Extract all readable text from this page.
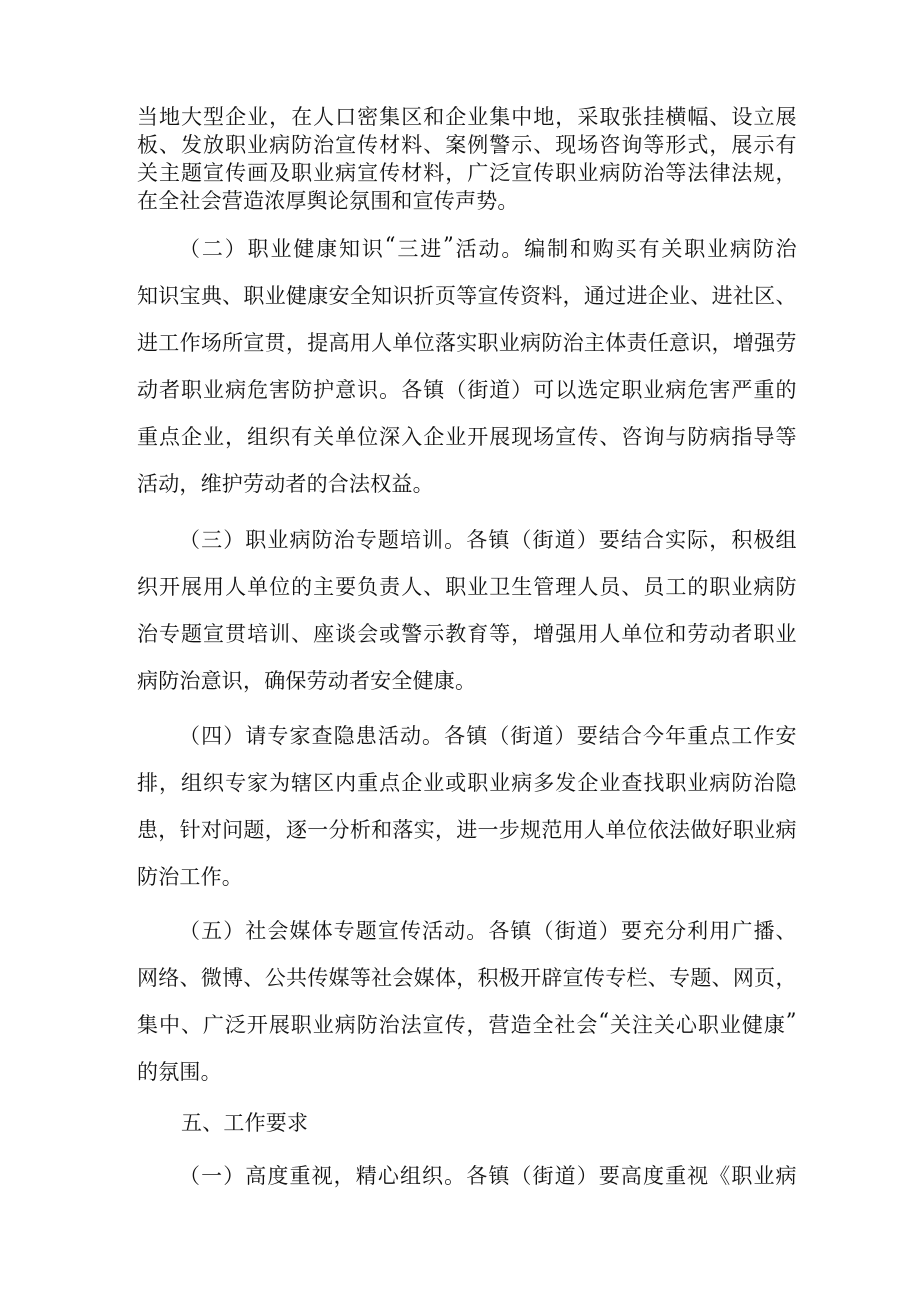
当 地 大 型 企 业 ， 在 人 口 密 集 区 和 企 业 集 中 地 ， 采 取 张 挂 横 幅 、 设 立 展
板 、 发 放 职 业 病 防 治 宣 传 材 料 、 案 例 警 示 、 现 场 咨 询 等 形 式 ， 展 示 有
关 主 题 宣 传 画 及 职 业 病 宣 传 材 料 ， 广 泛 宣 传 职 业 病 防 治 等 法 律 法 规 ，
在全社会营造浓厚舆论氛围和宣传声势。
（ 二 ） 职 业 健 康 知 识 “ 三 进 ” 活 动 。 编 制 和 购 买 有 关 职 业 病 防 治
知 识 宝 典 、 职 业 健 康 安 全 知 识 折 页 等 宣 传 资 料 ， 通 过 进 企 业 、 进 社 区 、
进 工 作 场 所 宣 贯 ， 提 高 用 人 单 位 落 实 职 业 病 防 治 主 体 责 任 意 识 ， 增 强 劳
动 者 职 业 病 危 害 防 护 意 识 。 各 镇 （ 街 道 ） 可 以 选 定 职 业 病 危 害 严 重 的
重 点 企 业 ， 组 织 有 关 单 位 深 入 企 业 开 展 现 场 宣 传 、 咨 询 与 防 病 指 导 等
活动，维护劳动者的合法权益。
（ 三 ） 职 业 病 防 治 专 题 培 训 。 各 镇 （ 街 道 ） 要 结 合 实 际 ， 积 极 组
织 开 展 用 人 单 位 的 主 要 负 责 人 、 职 业 卫 生 管 理 人 员 、 员 工 的 职 业 病 防
治 专 题 宣 贯 培 训 、 座 谈 会 或 警 示 教 育 等 ， 增 强 用 人 单 位 和 劳 动 者 职 业
病防治意识，确保劳动者安全健康。
（ 四 ） 请 专 家 查 隐 患 活 动 。 各 镇 （ 街 道 ） 要 结 合 今 年 重 点 工 作 安
排 ， 组 织 专 家 为 辖 区 内 重 点 企 业 或 职 业 病 多 发 企 业 查 找 职 业 病 防 治 隐
患 ， 针 对 问 题 ， 逐 一 分 析 和 落 实 ， 进 一 步 规 范 用 人 单 位 依 法 做 好 职 业 病
防治工作。
（ 五 ） 社 会 媒 体 专 题 宣 传 活 动 。 各 镇 （ 街 道 ） 要 充 分 利 用 广 播 、
网 络 、 微 博 、 公 共 传 媒 等 社 会 媒 体 ， 积 极 开 辟 宣 传 专 栏 、 专 题 、 网 页 ，
集 中 、 广 泛 开 展 职 业 病 防 治 法 宣 传 ， 营 造 全 社 会 “ 关 注 关 心 职 业 健 康 ”
的氛围。
五、工作要求
（ 一 ） 高 度 重 视 ， 精 心 组 织 。 各 镇 （ 街 道 ） 要 高 度 重 视 《 职 业 病
